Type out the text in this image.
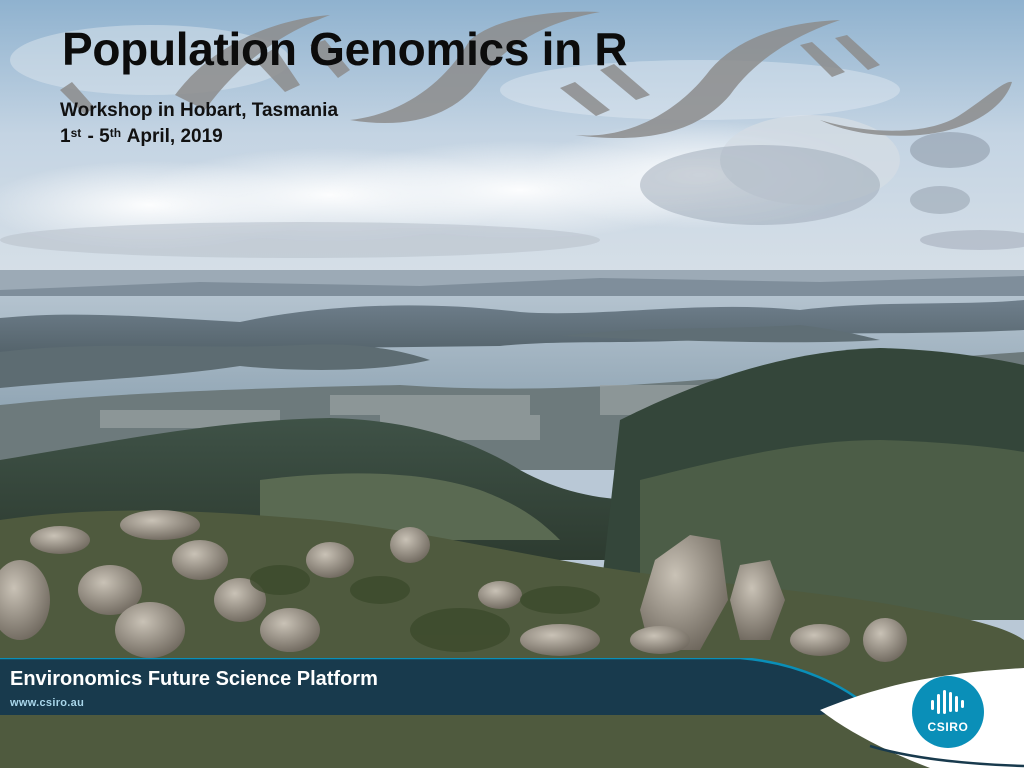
Population Genomics in R
Workshop in Hobart, Tasmania
1st - 5th April, 2019
Environomics Future Science Platform
www.csiro.au
CSIRO
